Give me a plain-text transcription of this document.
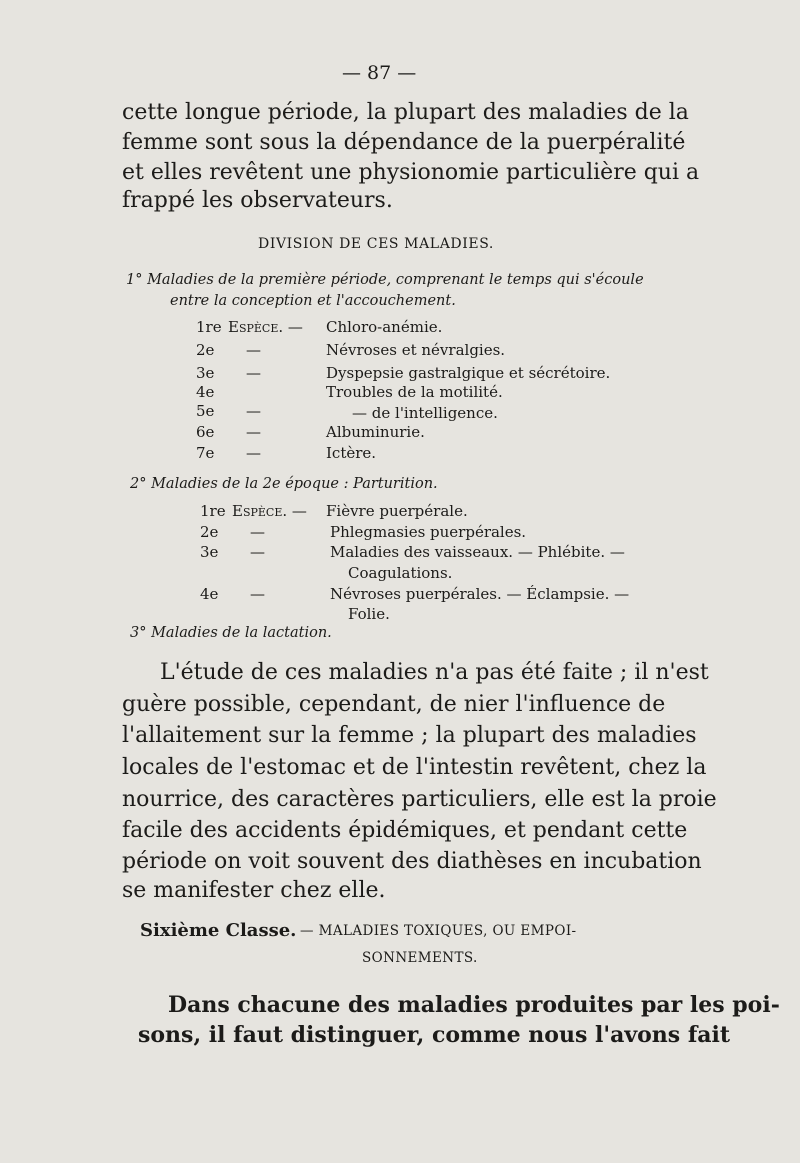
— 87 —
cette longue période, la plupart des maladies de la
femme sont sous la dépendance de la puerpéralité
et elles revêtent une physionomie particulière qui a
frappé les observateurs.
DIVISION DE CES MALADIES.
1° Maladies de la première période, comprenant le temps qui s'écoule
entre la conception et l'accouchement.
1re Espèce. — Chloro-anémie.
2e —	Névroses et névralgies.
3e —	Dyspepsie gastralgique et sécrétoire.
4e	Troubles de la motilité.
5e —	— de l'intelligence.
6e —	Albuminurie.
7e —	Ictère.
2° Maladies de la 2e époque : Parturition.
1re Espèce. — Fièvre puerpérale.
2e —	Phlegmasies puerpérales.
3e —	Maladies des vaisseaux. — Phlébite. —
Coagulations.
4e —	Névroses puerpérales. — Éclampsie. —
Folie.
3° Maladies de la lactation.
L'étude de ces maladies n'a pas été faite ; il n'est
guère possible, cependant, de nier l'influence de
l'allaitement sur la femme ; la plupart des maladies
locales de l'estomac et de l'intestin revêtent, chez la
nourrice, des caractères particuliers, elle est la proie
facile des accidents épidémiques, et pendant cette
période on voit souvent des diathèses en incubation
se manifester chez elle.
Sixième Classe. — MALADIES TOXIQUES, OU EMPOI-
SONNEMENTS.
Dans chacune des maladies produites par les poi-
sons, il faut distinguer, comme nous l'avons fait
